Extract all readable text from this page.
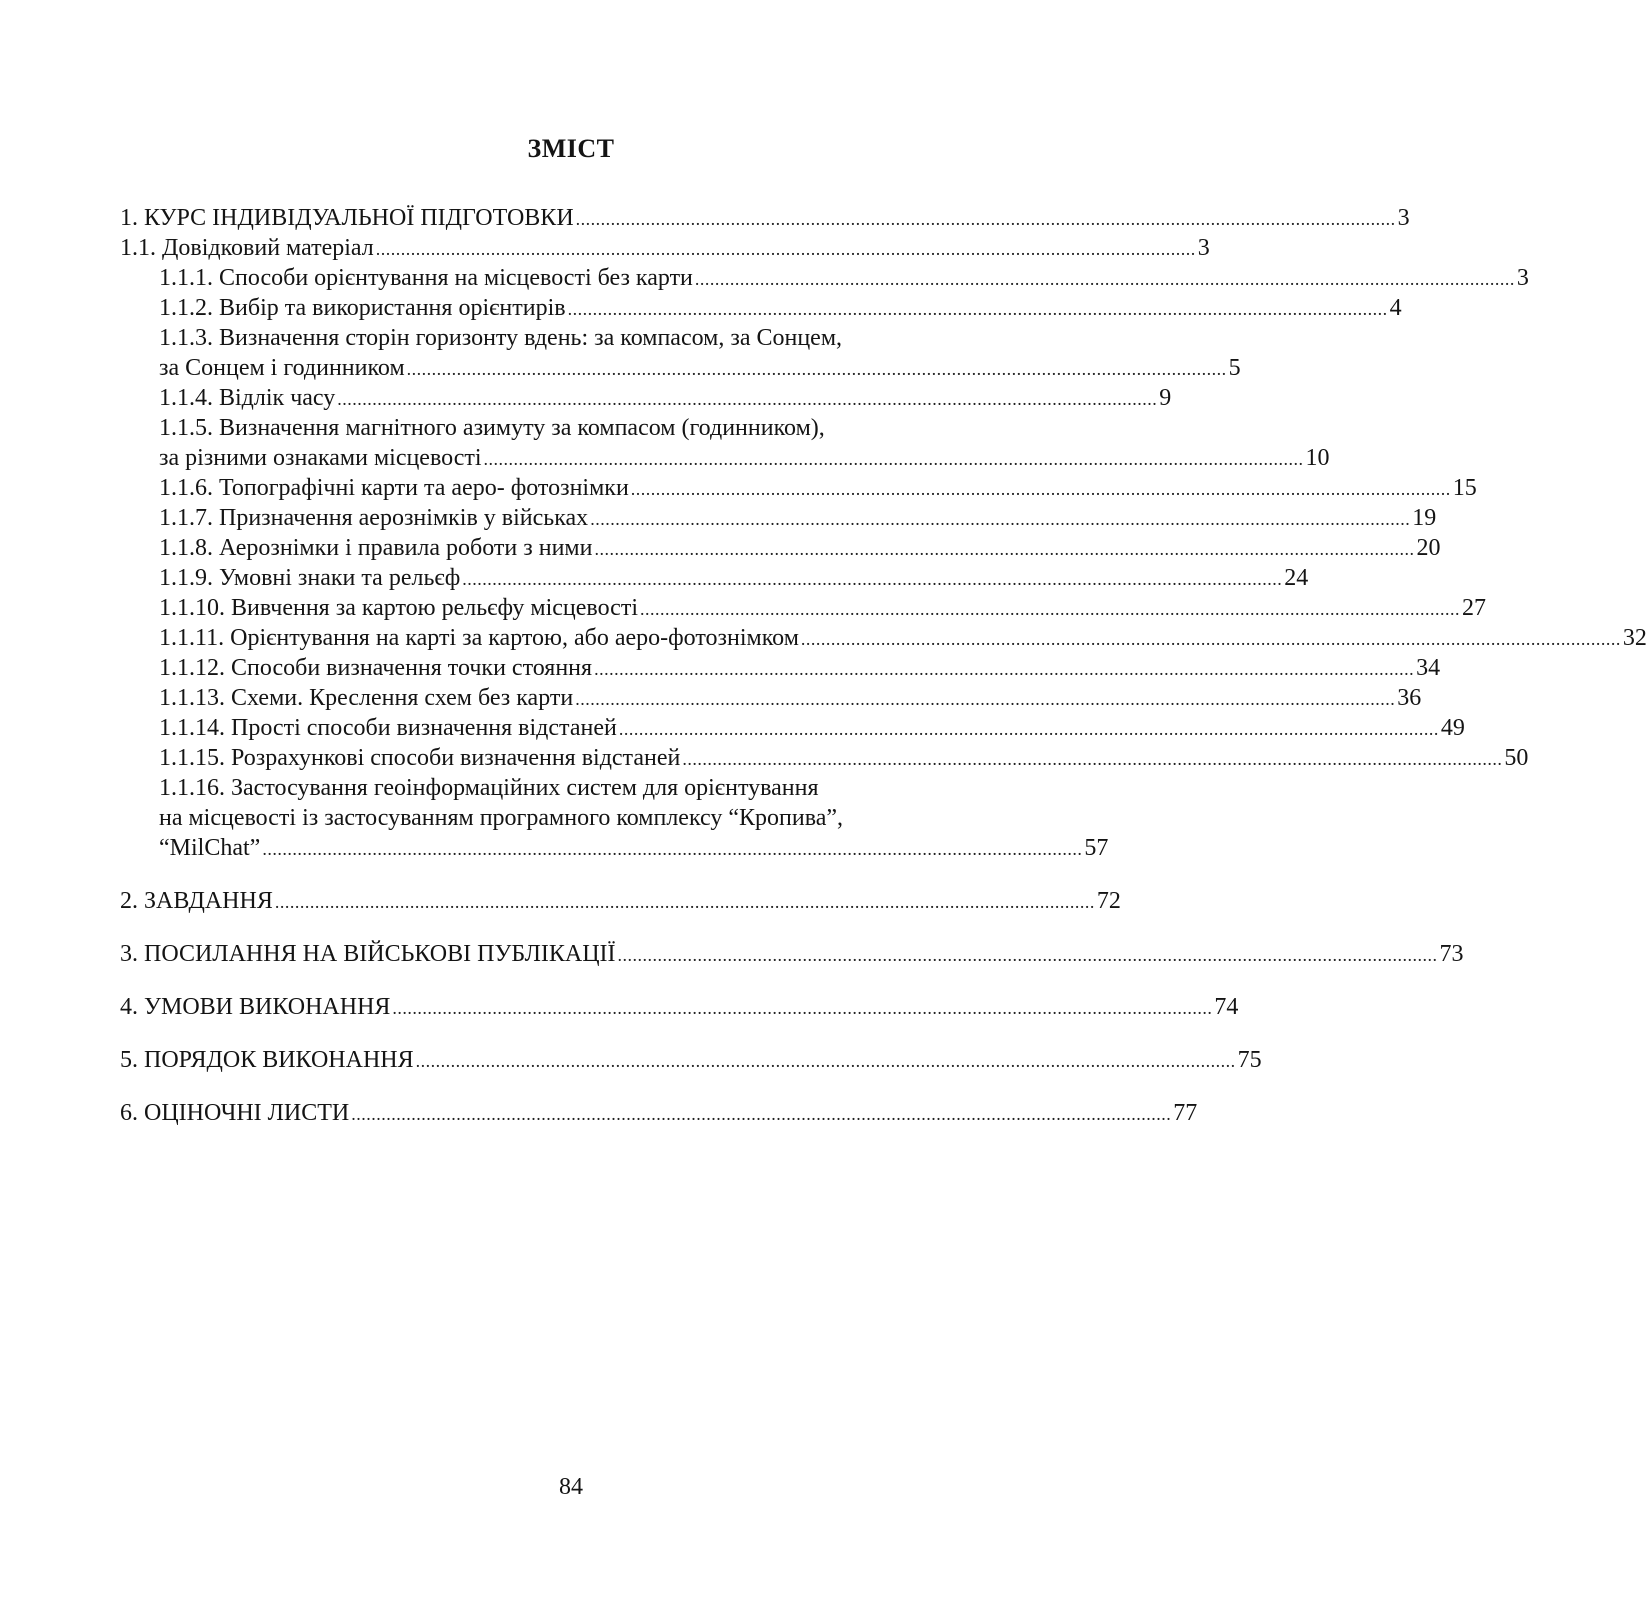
ЗМІСТ
1. КУРС ІНДИВІДУАЛЬНОЇ ПІДГОТОВКИ .................................................................................................................................................................... 3
1.1. Довідковий матеріал .................................................................................................................................................................... 3
1.1.1. Способи орієнтування на місцевості без карти .................................................................................................................................................................... 3
1.1.2. Вибір та використання орієнтирів .................................................................................................................................................................... 4
1.1.3. Визначення сторін горизонту вдень: за компасом, за Сонцем,
за Сонцем і годинником .................................................................................................................................................................... 5
1.1.4. Відлік часу .................................................................................................................................................................... 9
1.1.5. Визначення магнітного азимуту за компасом (годинником),
за різними ознаками місцевості .................................................................................................................................................................... 10
1.1.6. Топографічні карти та аеро- фотознімки .................................................................................................................................................................... 15
1.1.7. Призначення аерознімків у військах .................................................................................................................................................................... 19
1.1.8. Аерознімки і правила роботи з ними .................................................................................................................................................................... 20
1.1.9. Умовні знаки та рельєф .................................................................................................................................................................... 24
1.1.10. Вивчення за картою рельєфу місцевості .................................................................................................................................................................... 27
1.1.11. Орієнтування на карті за картою, або аеро-фотознімком .................................................................................................................................................................... 32
1.1.12. Способи визначення точки стояння .................................................................................................................................................................... 34
1.1.13. Схеми. Креслення схем без карти .................................................................................................................................................................... 36
1.1.14. Прості способи визначення відстаней .................................................................................................................................................................... 49
1.1.15. Розрахункові способи визначення відстаней .................................................................................................................................................................... 50
1.1.16. Застосування геоінформаційних систем для орієнтування
на місцевості із застосуванням програмного комплексу “Кропива”,
“MilChat” .................................................................................................................................................................... 57
2. ЗАВДАННЯ .................................................................................................................................................................... 72
3. ПОСИЛАННЯ НА ВІЙСЬКОВІ ПУБЛІКАЦІЇ .................................................................................................................................................................... 73
4. УМОВИ ВИКОНАННЯ .................................................................................................................................................................... 74
5. ПОРЯДОК ВИКОНАННЯ .................................................................................................................................................................... 75
6. ОЦІНОЧНІ ЛИСТИ .................................................................................................................................................................... 77
84
